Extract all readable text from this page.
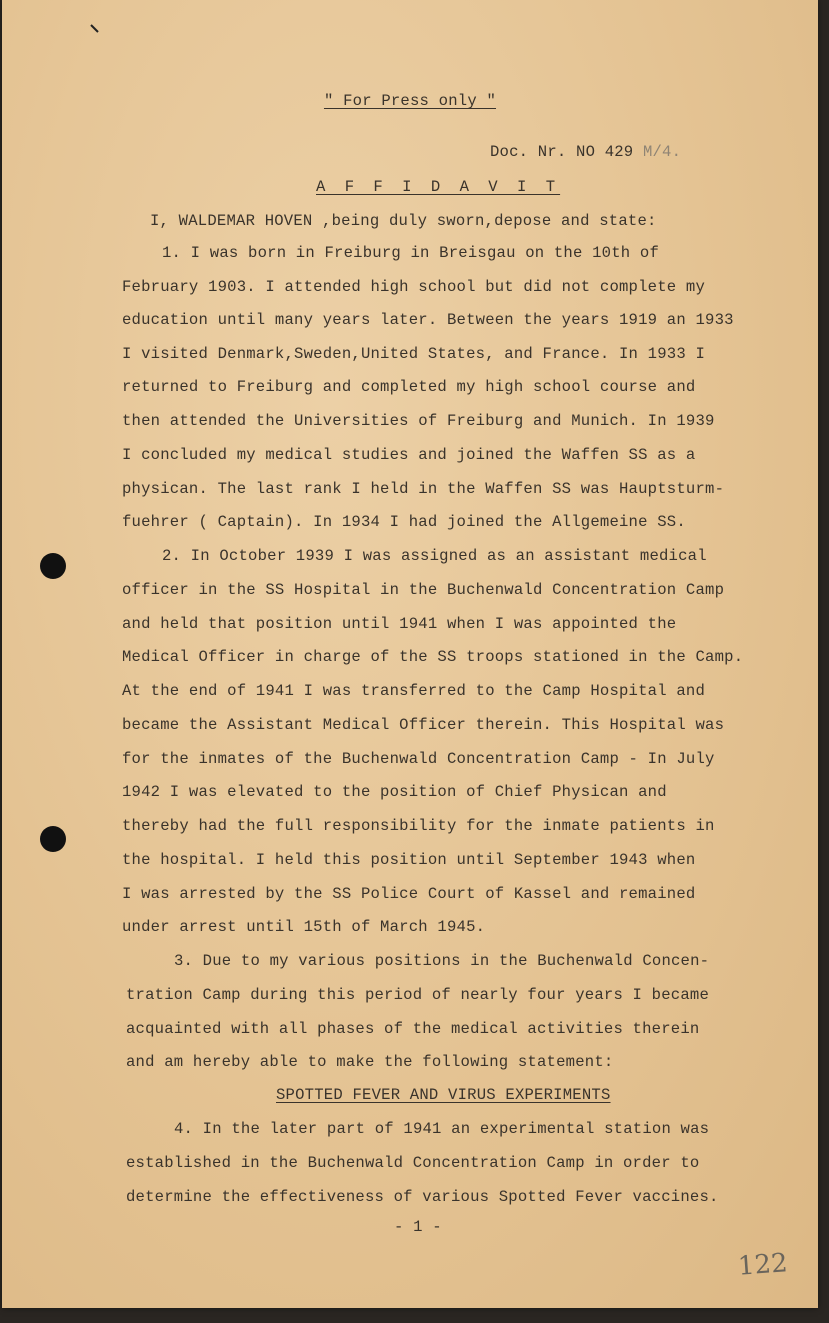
" For Press only "
Doc. Nr. NO 429 M/4.
A F F I D A V I T
I, WALDEMAR HOVEN ,being duly sworn,depose and state:
1. I was born in Freiburg in Breisgau on the 10th of
February 1903. I attended high school but did not complete my
education until many years later. Between the years 1919 an 1933
I visited Denmark,Sweden,United States, and France. In 1933 I
returned to Freiburg and completed my high school course and
then attended the Universities of Freiburg and Munich. In 1939
I concluded my medical studies and joined the Waffen SS as a
physican. The last rank I held in the Waffen SS was Hauptsturm-
fuehrer ( Captain). In 1934 I had joined the Allgemeine SS.
2. In October 1939 I was assigned as an assistant medical
officer in the SS Hospital in the Buchenwald Concentration Camp
and held that position until 1941 when I was appointed the
Medical Officer in charge of the SS troops stationed in the Camp.
At the end of 1941 I was transferred to the Camp Hospital and
became the Assistant Medical Officer therein. This Hospital was
for the inmates of the Buchenwald Concentration Camp - In July
1942 I was elevated to the position of Chief Physican and
thereby had the full responsibility for the inmate patients in
the hospital. I held this position until September 1943 when
I was arrested by the SS Police Court of Kassel and remained
under arrest until 15th of March 1945.
3. Due to my various positions in the Buchenwald Concen-
tration Camp during this period of nearly four years I became
acquainted with all phases of the medical activities therein
and am hereby able to make the following statement:
SPOTTED FEVER AND VIRUS EXPERIMENTS
4. In the later part of 1941 an experimental station was
established in the Buchenwald Concentration Camp in order to
determine the effectiveness of various Spotted Fever vaccines.
- 1 -
122
